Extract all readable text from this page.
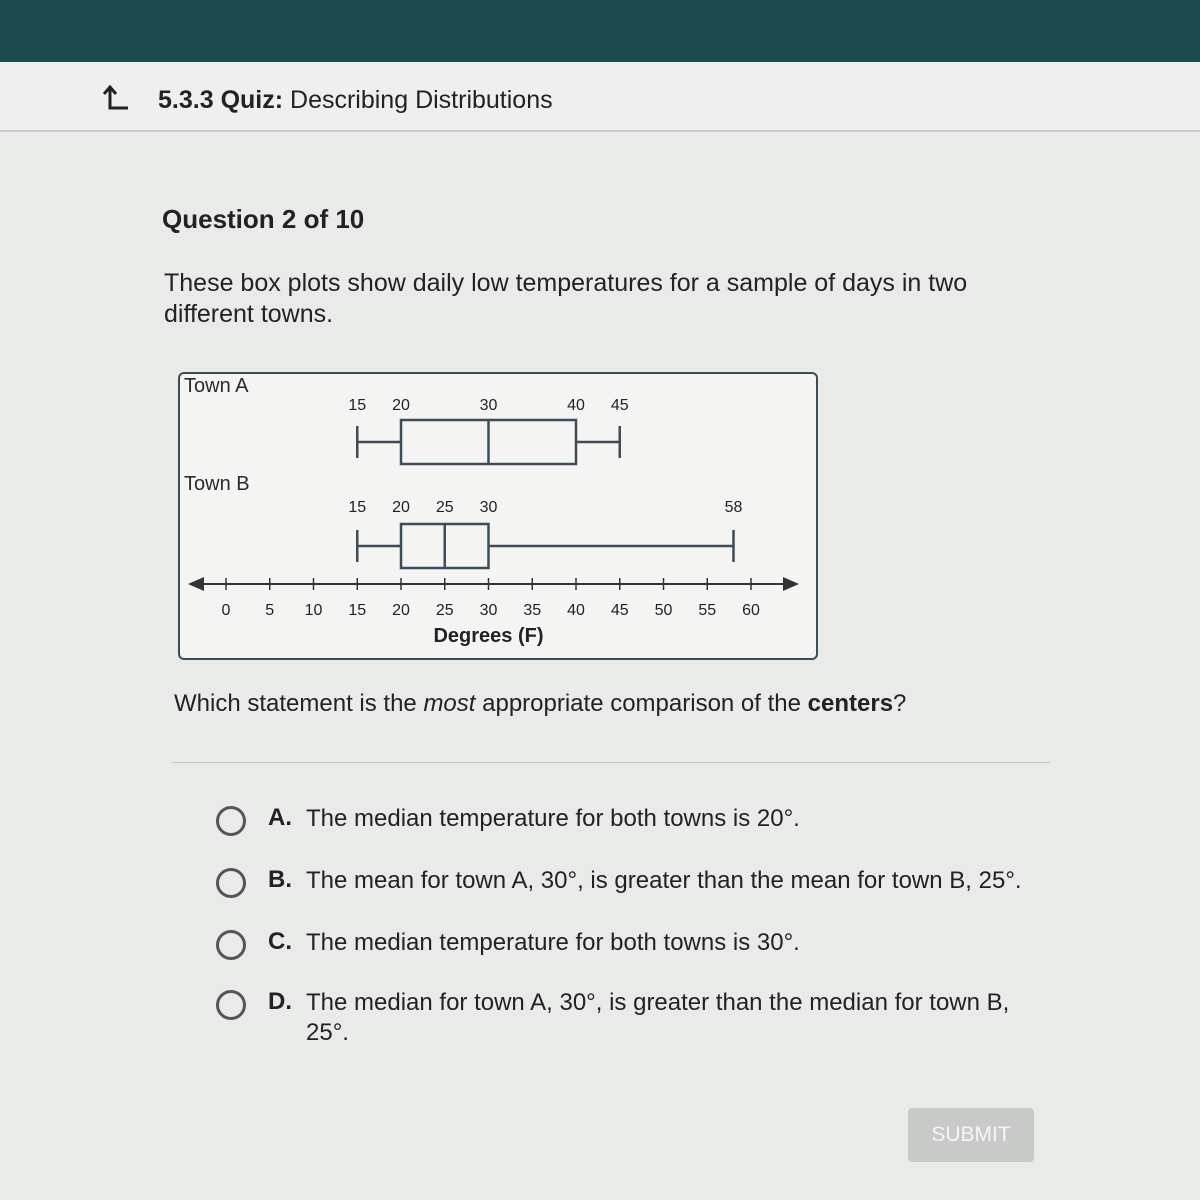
5.3.3 Quiz: Describing Distributions
Question 2 of 10
These box plots show daily low temperatures for a sample of days in two different towns.
Town A
15 20	30	40 45
Town B
15 20 25 30	58
0 5 10 15 20 25 30 35 40 45 50 55 60
Degrees (F)
Which statement is the most appropriate comparison of the centers?
A. The median temperature for both towns is 20°.
B. The mean for town A, 30°, is greater than the mean for town B, 25°.
C. The median temperature for both towns is 30°.
D. The median for town A, 30°, is greater than the median for town B, 25°.
SUBMIT
